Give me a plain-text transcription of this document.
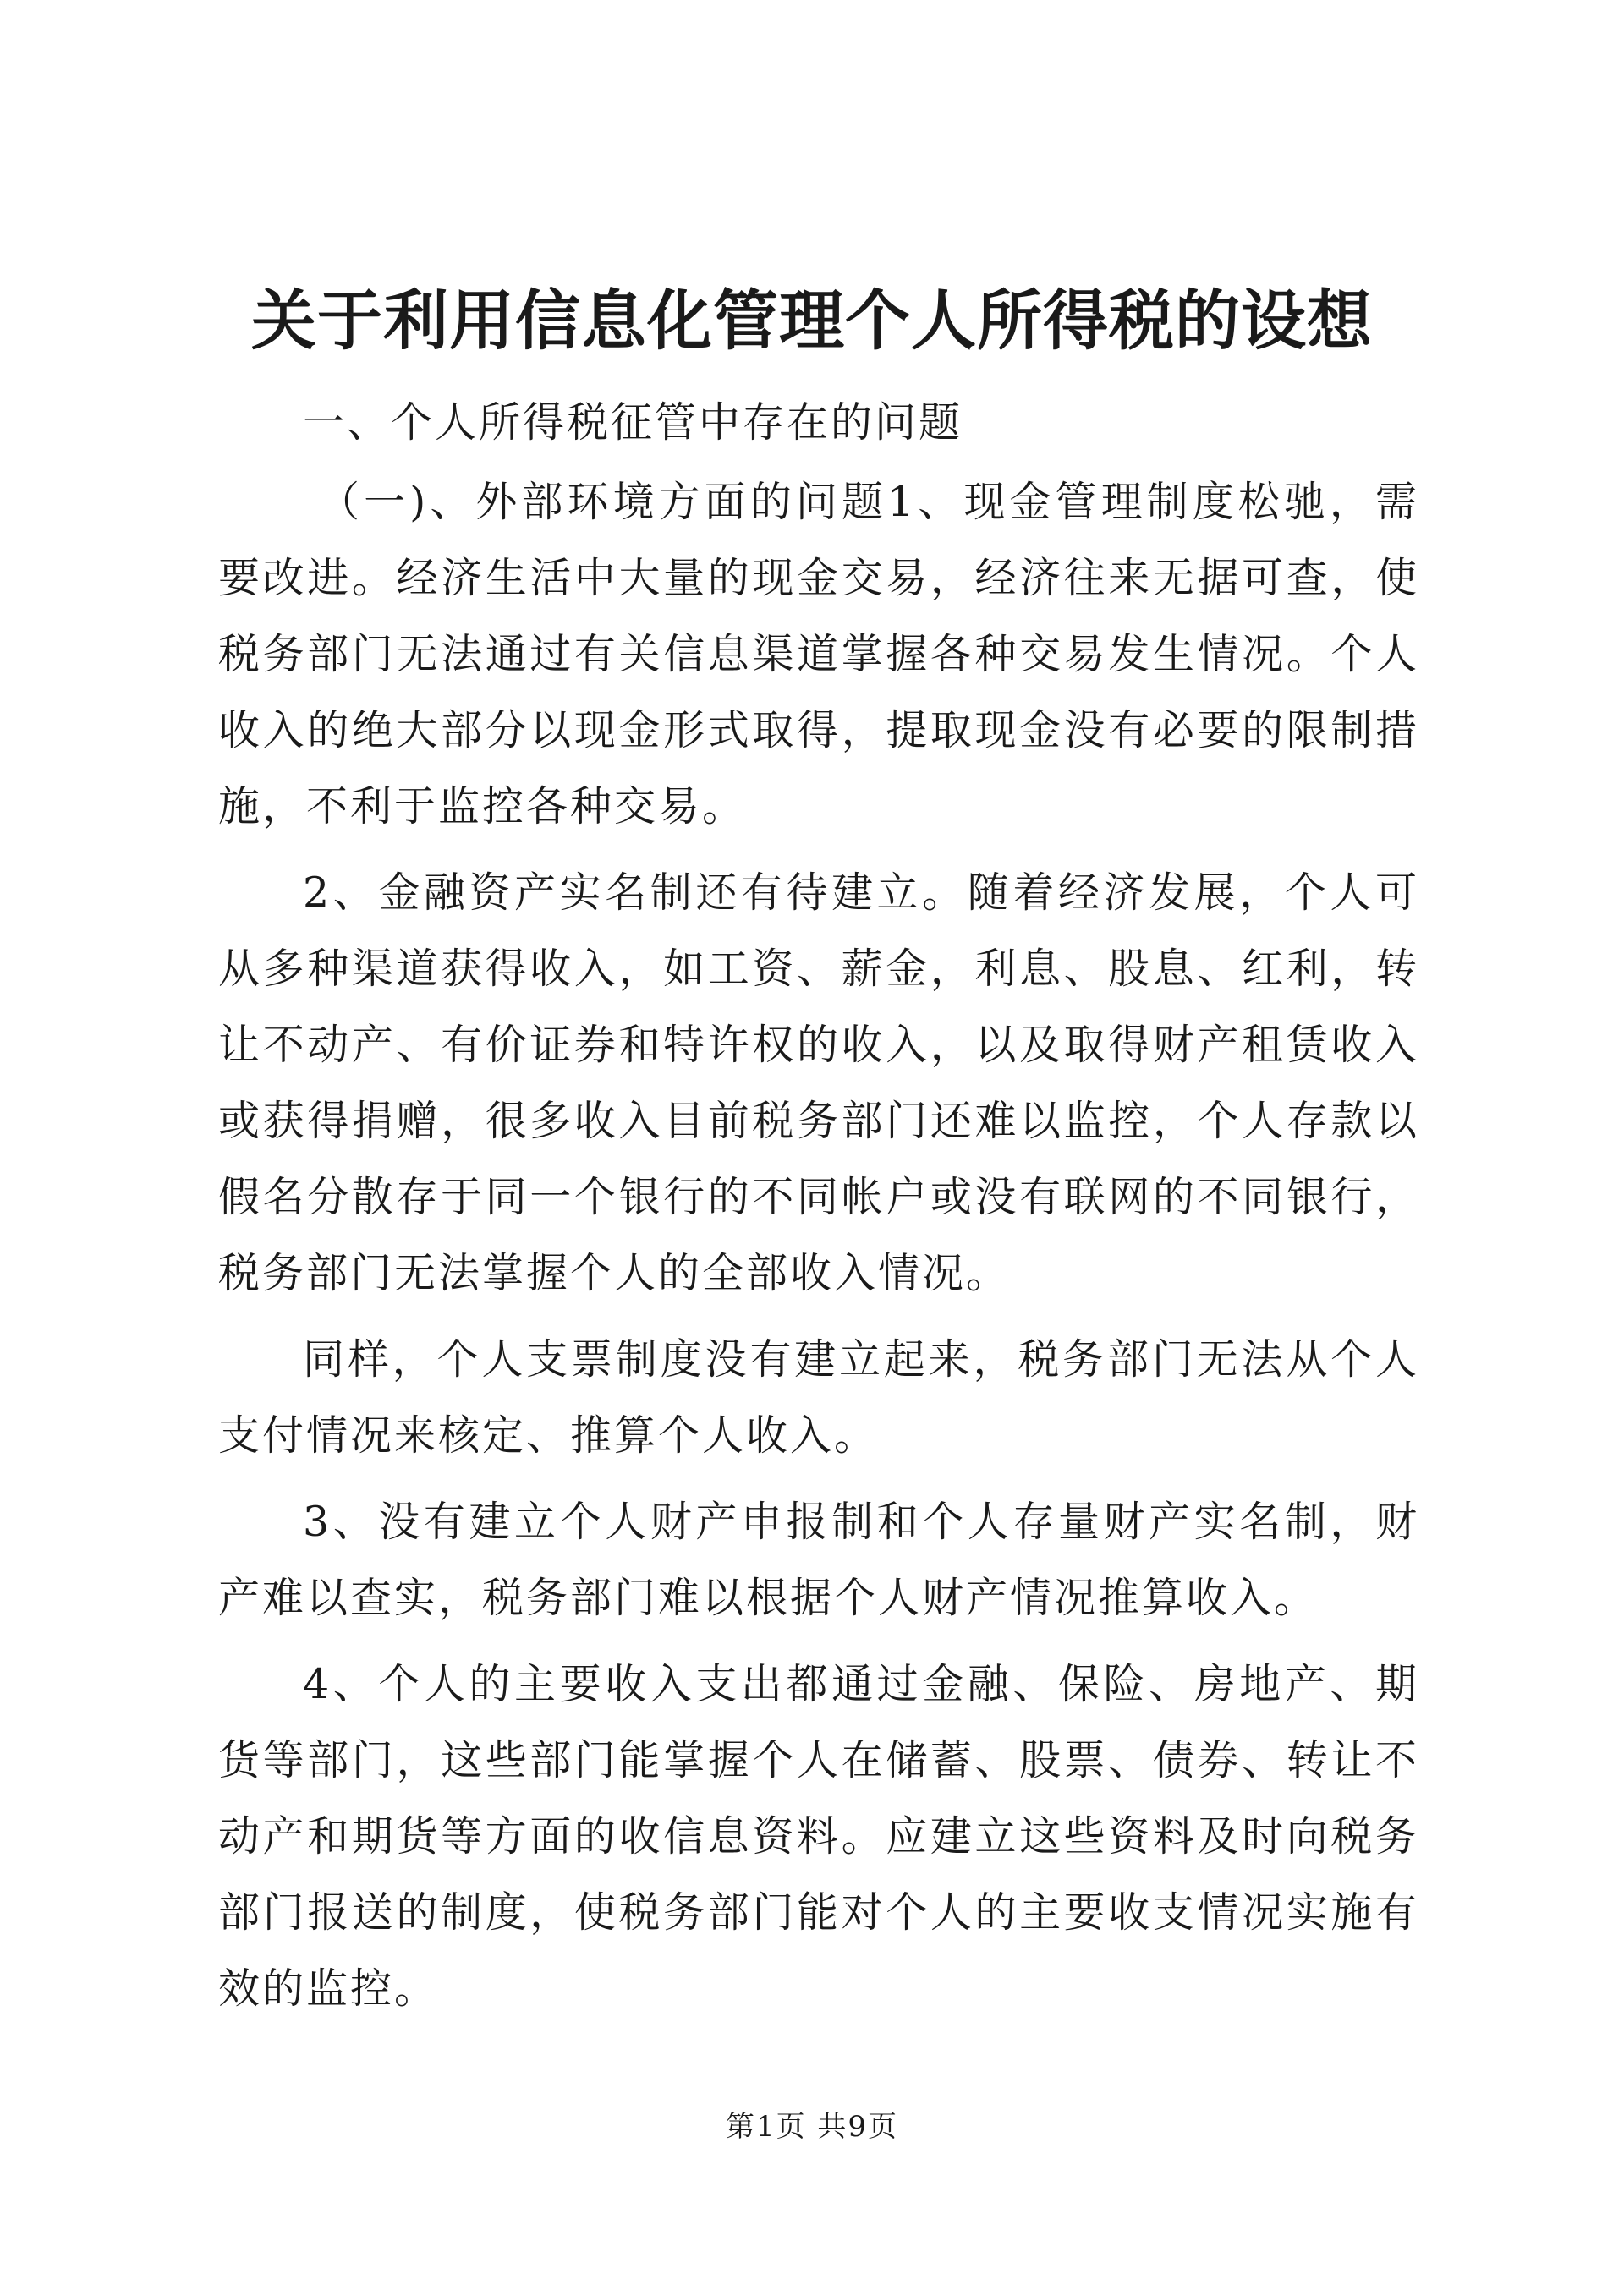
关于利用信息化管理个人所得税的设想

一、个人所得税征管中存在的问题

（一)、外部环境方面的问题1、现金管理制度松驰，需要改进。经济生活中大量的现金交易，经济往来无据可查，使税务部门无法通过有关信息渠道掌握各种交易发生情况。个人收入的绝大部分以现金形式取得，提取现金没有必要的限制措施，不利于监控各种交易。

2、金融资产实名制还有待建立。随着经济发展，个人可从多种渠道获得收入，如工资、薪金，利息、股息、红利，转让不动产、有价证券和特许权的收入，以及取得财产租赁收入或获得捐赠，很多收入目前税务部门还难以监控，个人存款以假名分散存于同一个银行的不同帐户或没有联网的不同银行，税务部门无法掌握个人的全部收入情况。

同样，个人支票制度没有建立起来，税务部门无法从个人支付情况来核定、推算个人收入。

3、没有建立个人财产申报制和个人存量财产实名制，财产难以查实，税务部门难以根据个人财产情况推算收入。

4、个人的主要收入支出都通过金融、保险、房地产、期货等部门，这些部门能掌握个人在储蓄、股票、债券、转让不动产和期货等方面的收信息资料。应建立这些资料及时向税务部门报送的制度，使税务部门能对个人的主要收支情况实施有效的监控。

第1页 共9页
